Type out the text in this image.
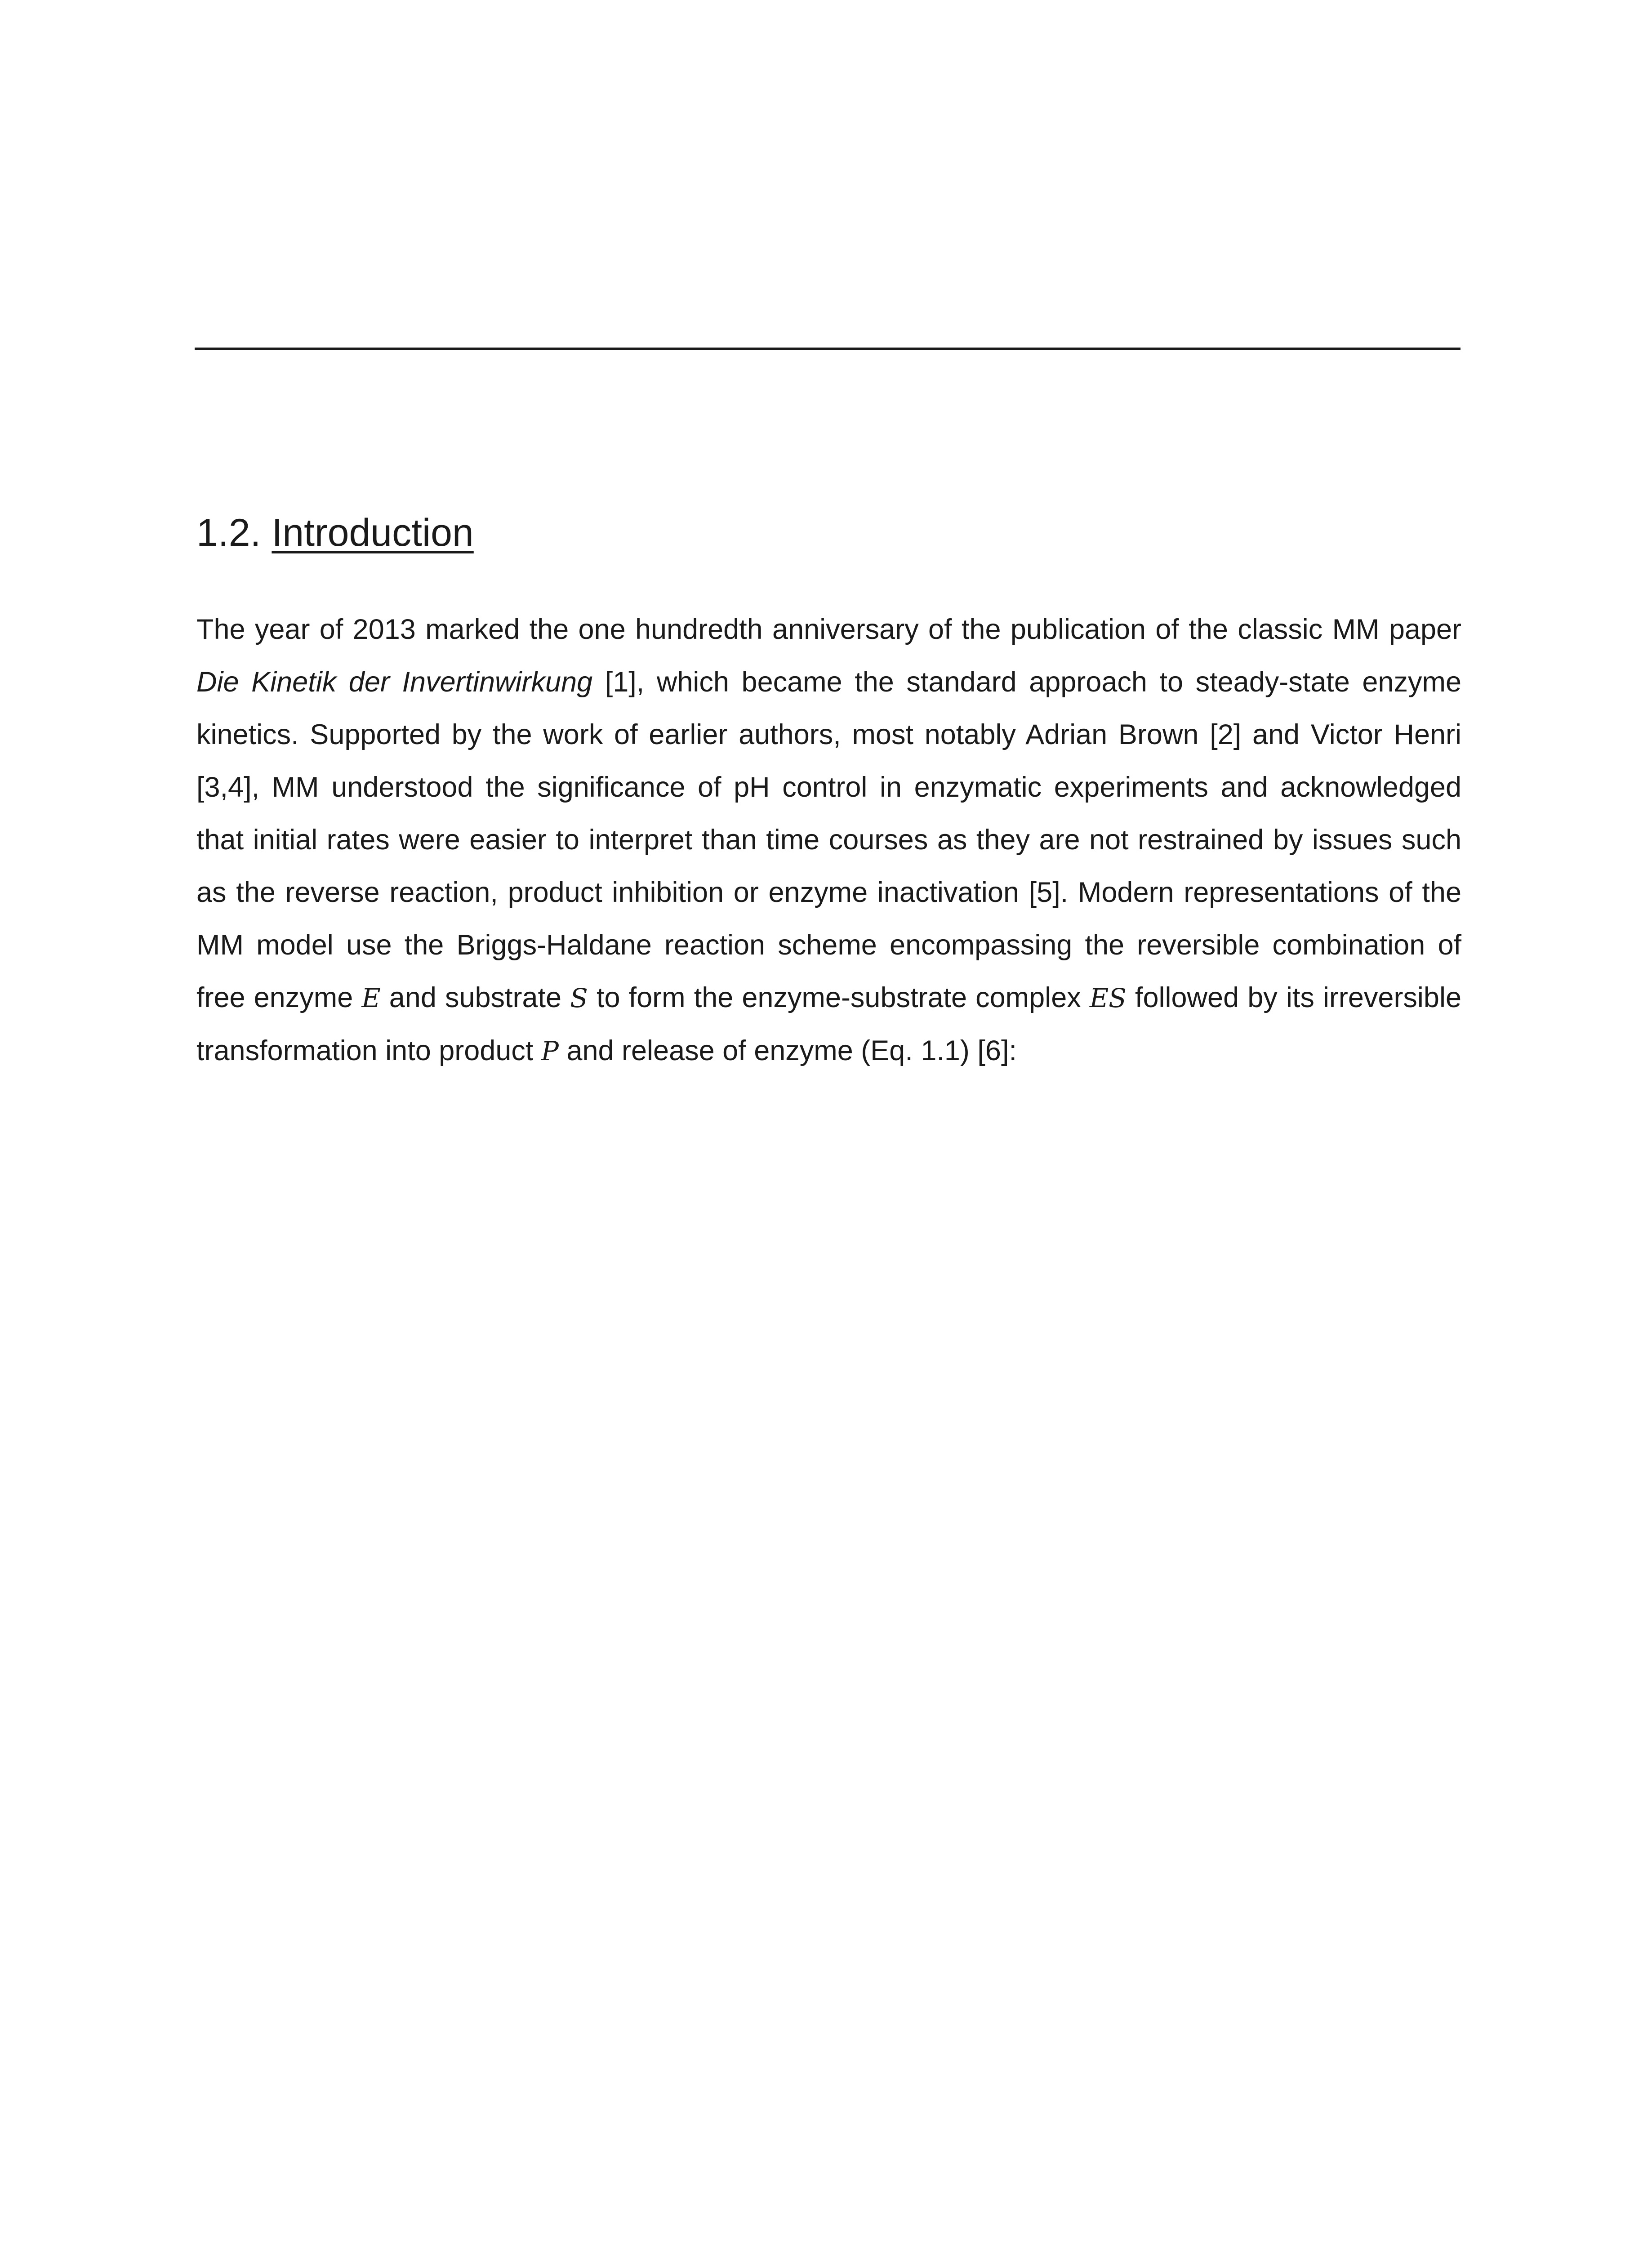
1.2. Introduction

The year of 2013 marked the one hundredth anniversary of the publication of the classic MM paper Die Kinetik der Invertinwirkung [1], which became the standard approach to steady-state enzyme kinetics. Supported by the work of earlier authors, most notably Adrian Brown [2] and Victor Henri [3,4], MM understood the significance of pH control in enzymatic experiments and acknowledged that initial rates were easier to interpret than time courses as they are not restrained by issues such as the reverse reaction, product inhibition or enzyme inactivation [5]. Modern representations of the MM model use the Briggs-Haldane reaction scheme encompassing the reversible combination of free enzyme E and substrate S to form the enzyme-substrate complex ES followed by its irreversible transformation into product P and release of enzyme (Eq. 1.1) [6]:
